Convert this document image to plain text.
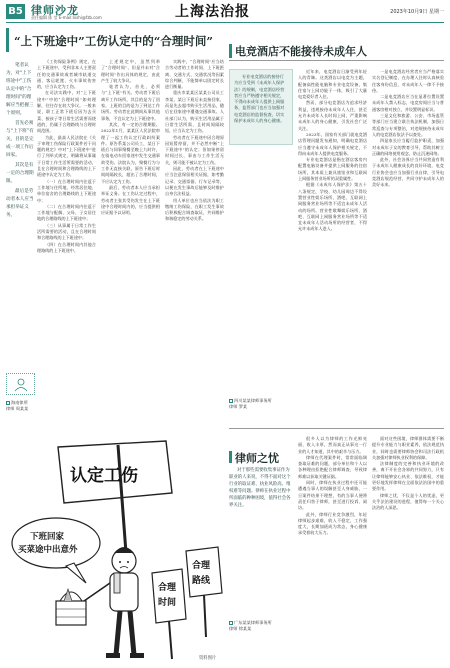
B5 律师沙龙
责任编辑 陈 莹 E-mail:lvshi@fzb.com	上海法治报	2023年10月9日 星期一
“上下班途中”工伤认定中的“合理时间”

笔者认为，对“上下班途中”工伤认定中的“合理时间”的理解应当把握三个原则。

首先必须与“上下班”有关，目的是完成一项工作后回家。

其次是有一定的合理期限。

最后是劳动者本人应当承担举证义务。

海南律所
律师 周某某

《工伤保险条例》规定，在上下班途中，受到非本人主要责任的交通事故或者城市轨道交通、客运轮渡、火车事故伤害的，应当认定为工伤。

在司法实践中，对“上下班途中”中的“合理时间”如何理解，往往存在较大争议。一般来说，职工正常下班后因为去买菜、接孩子等日常生活需要而绕道的，仍属于合理路线与合理时间范围。

为此，最高人民法院在《关于审理工伤保险行政案件若干问题的规定》中对“上下班途中”进行了列举式规定，明确将从事属于日常工作生活所需要的活动，且在合理时间和合理路线的上下班途中认定为工伤。

（一）在合理时间内往返于工作地与住所地、经常居住地、单位宿舍的合理路线的上下班途中；

（二）在合理时间内往返于工作地与配偶、父母、子女居住地的合理路线的上下班途中；

（三）从事属于日常工作生活所需要的活动，且在合理时间和合理路线的上下班途中；

（四）在合理时间内其他合理路线的上下班途中。

上述规定中，虽然列举了“合理时间”，但是并未对“合理时间”作出具体的规定，由此产生了较大争议。

笔者认为，首先，必须与“上下班”有关。劳动者下班后离开工作场所，其目的是为了回家，上班的目的是为了到达工作场所。劳动者在此期间从事其他事务，不宜认定为上下班途中。

其次，有一定的合理期限。2022年1月，某某区人民法院审理了一起工伤认定行政纠纷案件。原告系某公司员工，某日下班后与同事聚餐至晚上九时许，在骑电动车回家途中发生交通事故受伤。法院认为，聚餐行为与工作无直接关联，原告下班后时间间隔较长，超出了合理时间，不应认定为工伤。

最后，劳动者本人应当承担举证义务。在工伤认定过程中，劳动者主张其受伤发生在上下班途中合理时间内的，应当提供相应证据予以证明。

实践中，“合理时间”应当结合劳动者的工作时间、上下班距离、交通方式、交通状况等因素综合判断，不能简单以固定时长进行衡量。

重庆市某某区某某公司员工李某，某日下班后未直接回家，而是先去超市购买生活用品，随后在回家途中遭遇交通事故。人社部门认为，购买生活用品属于日常生活所需，且时间间隔较短，应当认定为工伤。

劳动者在下班途中因合理原因短暂停留，并不必然中断“上下班途中”的认定；但如果停留时间过长、事由与工作生活无关，则可能不被认定为工伤。

因此，劳动者在上下班途中应当注意保留相关证据，如考勤记录、交通票据、行车记录等，以便在发生事故后能够及时维护自身合法权益。

用人单位也应当依法为职工缴纳工伤保险，在职工发生事故后积极配合调查取证，共同维护和谐稳定的劳动关系。

认定工伤
下班回家
买菜途中出意外
合理
时间
合理
路线
资料图片
电竞酒店不能接待未成年人
专业电竞酒店的接待行为应当受到《未成年人保护法》的规制，电竞酒店经营者应当严格遵守相关规定，不得向未成年人提供上网服务，监管部门也应当加强对电竞酒店的监督检查，切实保护未成年人的身心健康。
四川某某律师事务所
律师 罗某

近年来，电竞酒店日渐受到年轻人的青睐。这类酒店以电竞为主题，配备高性能电脑和专业电竞设备，集住宿与上网功能于一体，吸引了大量电竞爱好者入住。

然而，部分电竞酒店为追求经济利益，违规接待未成年人入住，甚至允许未成年人长时间上网，严重影响未成年人的身心健康，引发社会广泛关注。

2023年，国家有关部门就电竞酒店管理问题发布通知，明确电竞酒店应当遵守未成年人保护相关规定，不得向未成年人提供电竞服务。

专业电竞酒店是指在酒店客房内配置电脑设备并提供上网服务的住宿场所，其本质上兼具旅馆业和互联网上网服务营业场所的双重属性。

根据《未成年人保护法》第五十八条规定，学校、幼儿园周边不得设置营业性娱乐场所、酒吧、互联网上网服务营业场所等不适宜未成年人活动的场所。营业性歌舞娱乐场所、酒吧、互联网上网服务营业场所等不适宜未成年人活动场所的经营者，不得允许未成年人进入。

一是电竞酒店经营者应当严格落实实名登记制度，在办理入住时认真核验住客身份信息，对未成年人一律不予接待。

二是电竞酒店应当在显著位置设置未成年人禁入标志，电竞房间应当与普通客房相对独立，并设置明显标识。

三是文化和旅游、公安、市场监管等部门应当建立联合执法机制，加强日常巡查与专项整治，对违规接待未成年人的电竞酒店依法予以查处。

四是家长应当履行监护职责，加强对未成年子女的教育引导，帮助其树立正确的网络使用观念，防止沉迷网络。

此外，社会各界应当共同营造有利于未成年人健康成长的良好环境，电竞行业协会也应当加强行业自律，引导电竞酒店规范经营，共同守护未成年人的美好未来。

律师之忧
对于那些需要收集事证作为职业的人来说，不得不面对这个行业的取证难、执业风险高、维权难等问题。律师在执业过程中所面临的种种困境，值得社会各界关注。
广东某某律师事务所
律师 徐某某

很多人以为律师的工作光鲜亮丽、收入丰厚，然而真正从事这一行业的人才知道，其中的艰辛与压力。

律师在代理案件时，常常面临调查取证难的问题，部分单位和个人以各种理由拒绝配合律师调查，导致律师难以获取关键证据。

同时，律师在执业过程中还可能遭遇当事人的误解甚至人身威胁，一旦案件结果不理想，有的当事人便将责任归咎于律师，甚至进行投诉、闹访。

此外，律师行业竞争激烈，年轻律师起步艰难，收入不稳定，工作强度大，长期加班成为常态，身心健康承受着较大压力。

面对这些困境，律师群体需要不断提升专业能力与职业素养，依法规范执业，同时也需要律师协会和司法行政机关加强对律师执业权利的保障。

法律制度的完善和执业环境的改善，离不开社会各界的共同努力，只有让律师能够安心执业、依法维权，才能更好地发挥律师在全面依法治国中的重要作用。

律师之忧，不仅是个人的忧虑，更关乎法治建设的进程，值得每一个关心法治的人深思。
